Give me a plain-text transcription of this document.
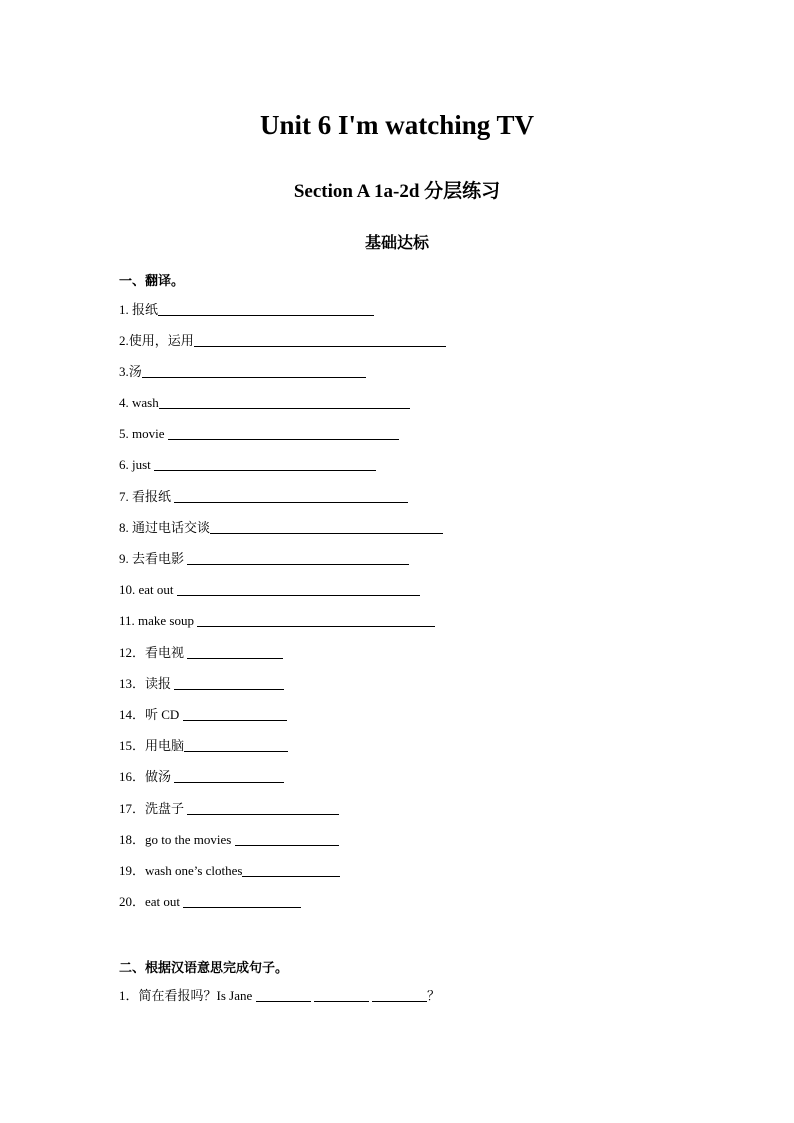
Unit 6 I'm watching TV
Section A 1a-2d 分层练习
基础达标
一、翻译。
1. 报纸
2.使用，运用
3.汤
4. wash
5. movie
6. just
7. 看报纸
8. 通过电话交谈
9. 去看电影
10. eat out
11. make soup
12．看电视
13．读报
14．听 CD
15．用电脑
16．做汤
17．洗盘子
18．go to the movies
19．wash one’s clothes
20．eat out
二、根据汉语意思完成句子。
1．简在看报吗？Is Jane	？
